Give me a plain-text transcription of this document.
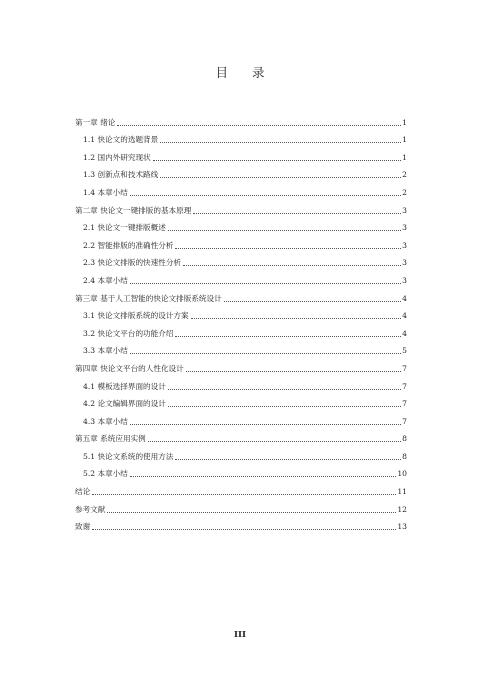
目 录
第一章 绪论	1
1.1 快论文的选题背景	1
1.2 国内外研究现状	1
1.3 创新点和技术路线	2
1.4 本章小结	2
第二章 快论文一键排版的基本原理	3
2.1 快论文一键排版概述	3
2.2 智能排版的准确性分析	3
2.3 快论文排版的快速性分析	3
2.4 本章小结	3
第三章 基于人工智能的快论文排版系统设计	4
3.1 快论文排版系统的设计方案	4
3.2 快论文平台的功能介绍	4
3.3 本章小结	5
第四章 快论文平台的人性化设计	7
4.1 模板选择界面的设计	7
4.2 论文编辑界面的设计	7
4.3 本章小结	7
第五章 系统应用实例	8
5.1 快论文系统的使用方法	8
5.2 本章小结	10
结论	11
参考文献	12
致谢	13
III
